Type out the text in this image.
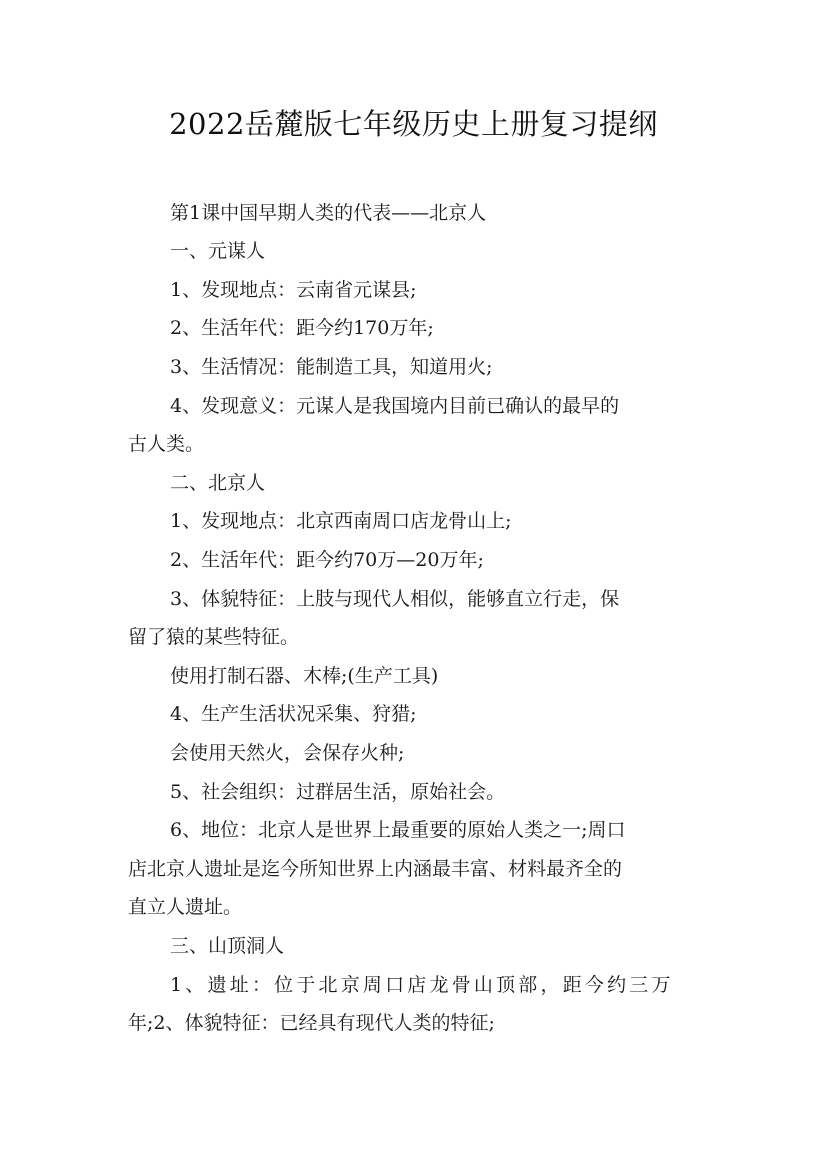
2022岳麓版七年级历史上册复习提纲
第1课中国早期人类的代表——北京人
一、元谋人
1、发现地点：云南省元谋县;
2、生活年代：距今约170万年;
3、生活情况：能制造工具，知道用火;
4、发现意义：元谋人是我国境内目前已确认的最早的
古人类。
二、北京人
1、发现地点：北京西南周口店龙骨山上;
2、生活年代：距今约70万—20万年;
3、体貌特征：上肢与现代人相似，能够直立行走，保
留了猿的某些特征。
使用打制石器、木棒;(生产工具)
4、生产生活状况采集、狩猎;
会使用天然火，会保存火种;
5、社会组织：过群居生活，原始社会。
6、地位：北京人是世界上最重要的原始人类之一;周口
店北京人遗址是迄今所知世界上内涵最丰富、材料最齐全的
直立人遗址。
三、山顶洞人
1、遗址：位于北京周口店龙骨山顶部，距今约三万
年;2、体貌特征：已经具有现代人类的特征;
